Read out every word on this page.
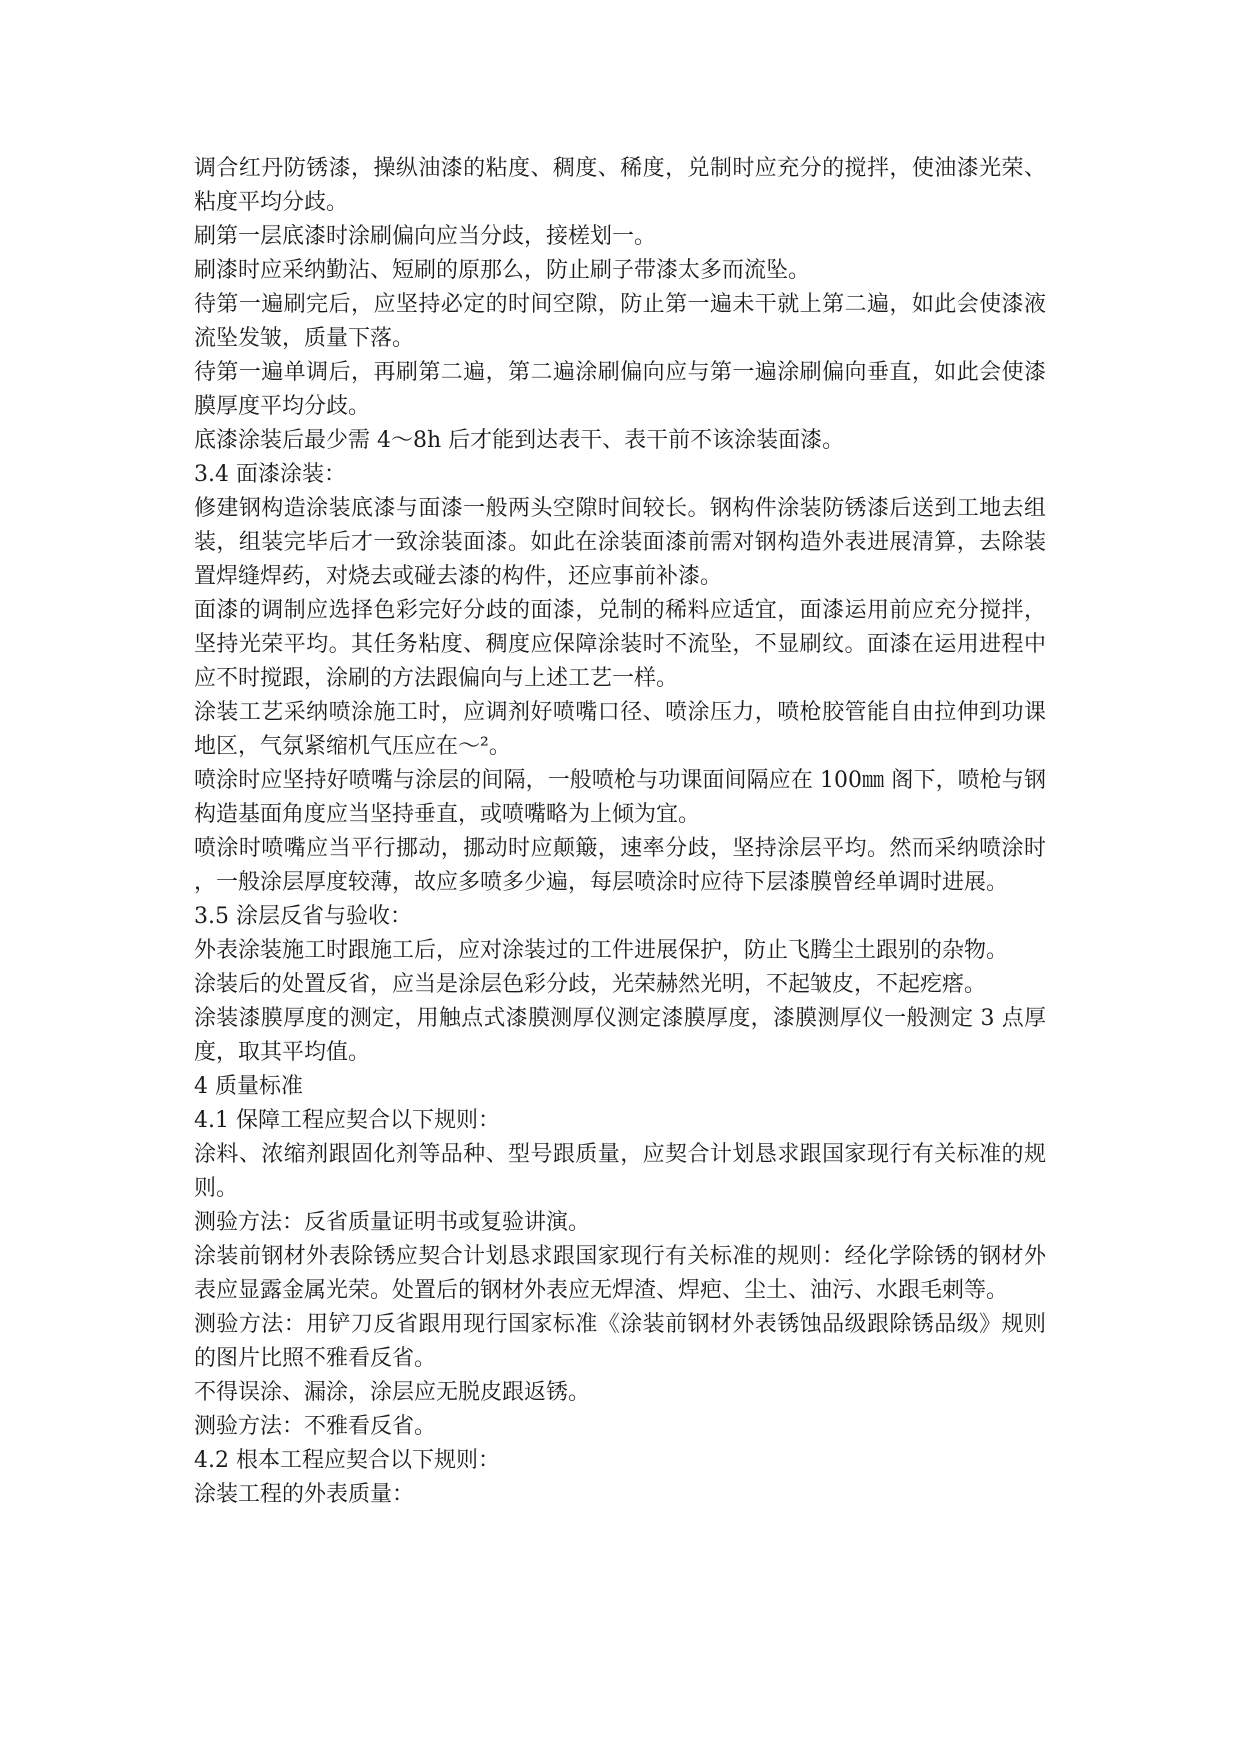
调合红丹防锈漆，操纵油漆的粘度、稠度、稀度，兑制时应充分的搅拌，使油漆光荣、粘度平均分歧。

刷第一层底漆时涂刷偏向应当分歧，接槎划一。

刷漆时应采纳勤沾、短刷的原那么，防止刷子带漆太多而流坠。

待第一遍刷完后，应坚持必定的时间空隙，防止第一遍未干就上第二遍，如此会使漆液流坠发皱，质量下落。

待第一遍单调后，再刷第二遍，第二遍涂刷偏向应与第一遍涂刷偏向垂直，如此会使漆膜厚度平均分歧。

底漆涂装后最少需 4～8h 后才能到达表干、表干前不该涂装面漆。

3.4 面漆涂装：

修建钢构造涂装底漆与面漆一般两头空隙时间较长。钢构件涂装防锈漆后送到工地去组装，组装完毕后才一致涂装面漆。如此在涂装面漆前需对钢构造外表进展清算，去除装置焊缝焊药，对烧去或碰去漆的构件，还应事前补漆。

面漆的调制应选择色彩完好分歧的面漆，兑制的稀料应适宜，面漆运用前应充分搅拌，坚持光荣平均。其任务粘度、稠度应保障涂装时不流坠，不显刷纹。面漆在运用进程中应不时搅跟，涂刷的方法跟偏向与上述工艺一样。

涂装工艺采纳喷涂施工时，应调剂好喷嘴口径、喷涂压力，喷枪胶管能自由拉伸到功课地区，气氛紧缩机气压应在～²。

喷涂时应坚持好喷嘴与涂层的间隔，一般喷枪与功课面间隔应在 100㎜ 阁下，喷枪与钢构造基面角度应当坚持垂直，或喷嘴略为上倾为宜。

喷涂时喷嘴应当平行挪动，挪动时应颠簸，速率分歧，坚持涂层平均。然而采纳喷涂时，一般涂层厚度较薄，故应多喷多少遍，每层喷涂时应待下层漆膜曾经单调时进展。

3.5 涂层反省与验收：

外表涂装施工时跟施工后，应对涂装过的工件进展保护，防止飞腾尘土跟别的杂物。

涂装后的处置反省，应当是涂层色彩分歧，光荣赫然光明，不起皱皮，不起疙瘩。

涂装漆膜厚度的测定，用触点式漆膜测厚仪测定漆膜厚度，漆膜测厚仪一般测定 3 点厚度，取其平均值。

4 质量标准

4.1 保障工程应契合以下规则：

涂料、浓缩剂跟固化剂等品种、型号跟质量，应契合计划恳求跟国家现行有关标准的规则。

测验方法：反省质量证明书或复验讲演。

涂装前钢材外表除锈应契合计划恳求跟国家现行有关标准的规则：经化学除锈的钢材外表应显露金属光荣。处置后的钢材外表应无焊渣、焊疤、尘土、油污、水跟毛刺等。

测验方法：用铲刀反省跟用现行国家标准《涂装前钢材外表锈蚀品级跟除锈品级》规则的图片比照不雅看反省。

不得误涂、漏涂，涂层应无脱皮跟返锈。

测验方法：不雅看反省。

4.2 根本工程应契合以下规则：

涂装工程的外表质量：
